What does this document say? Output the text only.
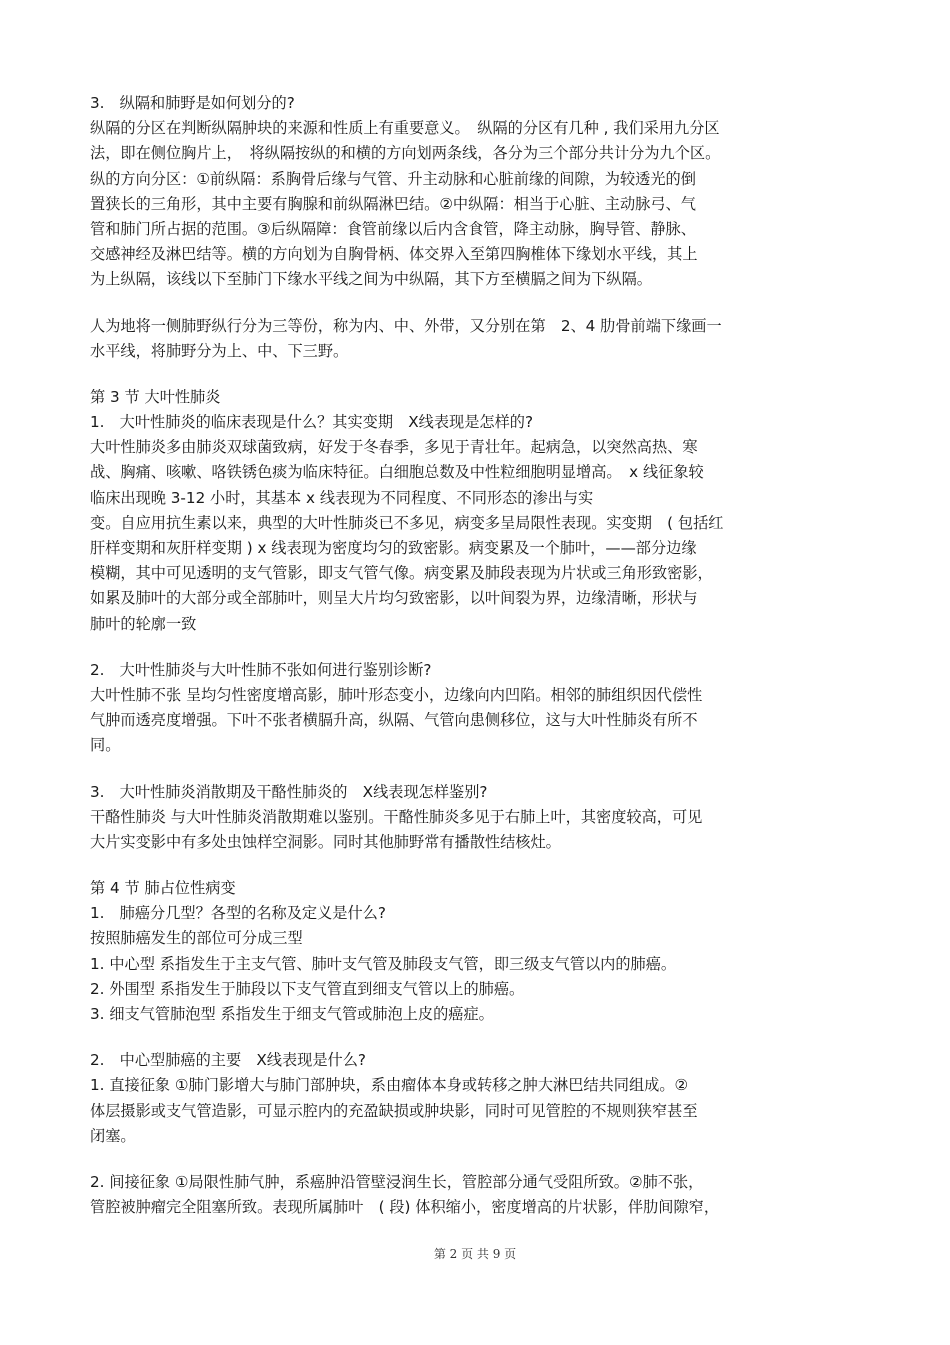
3.　纵隔和肺野是如何划分的?
纵隔的分区在判断纵隔肿块的来源和性质上有重要意义。　纵隔的分区有几种 , 我们采用九分区
法，即在侧位胸片上，　将纵隔按纵的和横的方向划两条线，各分为三个部分共计分为九个区。
纵的方向分区：①前纵隔：系胸骨后缘与气管、升主动脉和心脏前缘的间隙，为较透光的倒
置狭长的三角形，其中主要有胸腺和前纵隔淋巴结。②中纵隔：相当于心脏、主动脉弓、气
管和肺门所占据的范围。③后纵隔障：食管前缘以后内含食管，降主动脉，胸导管、静脉、
交感神经及淋巴结等。横的方向划为自胸骨柄、体交界入至第四胸椎体下缘划水平线，其上
为上纵隔，该线以下至肺门下缘水平线之间为中纵隔，其下方至横膈之间为下纵隔。
人为地将一侧肺野纵行分为三等份，称为内、中、外带，又分别在第　2、4 肋骨前端下缘画一
水平线，将肺野分为上、中、下三野。
第 3 节 大叶性肺炎
1.　大叶性肺炎的临床表现是什么？其实变期　X线表现是怎样的?
大叶性肺炎多由肺炎双球菌致病，好发于冬春季，多见于青壮年。起病急，以突然高热、寒
战、胸痛、咳嗽、咯铁锈色痰为临床特征。白细胞总数及中性粒细胞明显增高。　x 线征象较
临床出现晚 3-12 小时，其基本 x 线表现为不同程度、不同形态的渗出与实
变。自应用抗生素以来，典型的大叶性肺炎已不多见，病变多呈局限性表现。实变期　( 包括红
肝样变期和灰肝样变期 ) x 线表现为密度均匀的致密影。病变累及一个肺叶，——部分边缘
模糊，其中可见透明的支气管影，即支气管气像。病变累及肺段表现为片状或三角形致密影，
如累及肺叶的大部分或全部肺叶，则呈大片均匀致密影，以叶间裂为界，边缘清晰，形状与
肺叶的轮廓一致
2.　大叶性肺炎与大叶性肺不张如何进行鉴别诊断?
大叶性肺不张 呈均匀性密度增高影，肺叶形态变小，边缘向内凹陷。相邻的肺组织因代偿性
气肿而透亮度增强。下叶不张者横膈升高，纵隔、气管向患侧移位，这与大叶性肺炎有所不
同。
3.　大叶性肺炎消散期及干酪性肺炎的　X线表现怎样鉴别?
干酪性肺炎 与大叶性肺炎消散期难以鉴别。干酪性肺炎多见于右肺上叶，其密度较高，可见
大片实变影中有多处虫蚀样空洞影。同时其他肺野常有播散性结核灶。
第 4 节 肺占位性病变
1.　肺癌分几型？各型的名称及定义是什么?
按照肺癌发生的部位可分成三型
1. 中心型 系指发生于主支气管、肺叶支气管及肺段支气管，即三级支气管以内的肺癌。
2. 外围型 系指发生于肺段以下支气管直到细支气管以上的肺癌。
3. 细支气管肺泡型 系指发生于细支气管或肺泡上皮的癌症。
2.　中心型肺癌的主要　X线表现是什么?
1. 直接征象 ①肺门影增大与肺门部肿块，系由瘤体本身或转移之肿大淋巴结共同组成。②
体层摄影或支气管造影，可显示腔内的充盈缺损或肿块影，同时可见管腔的不规则狭窄甚至
闭塞。
2. 间接征象 ①局限性肺气肿，系癌肿沿管壁浸润生长，管腔部分通气受阻所致。②肺不张，
管腔被肿瘤完全阻塞所致。表现所属肺叶　( 段) 体积缩小，密度增高的片状影，伴肋间隙窄，
第 2 页 共 9 页
